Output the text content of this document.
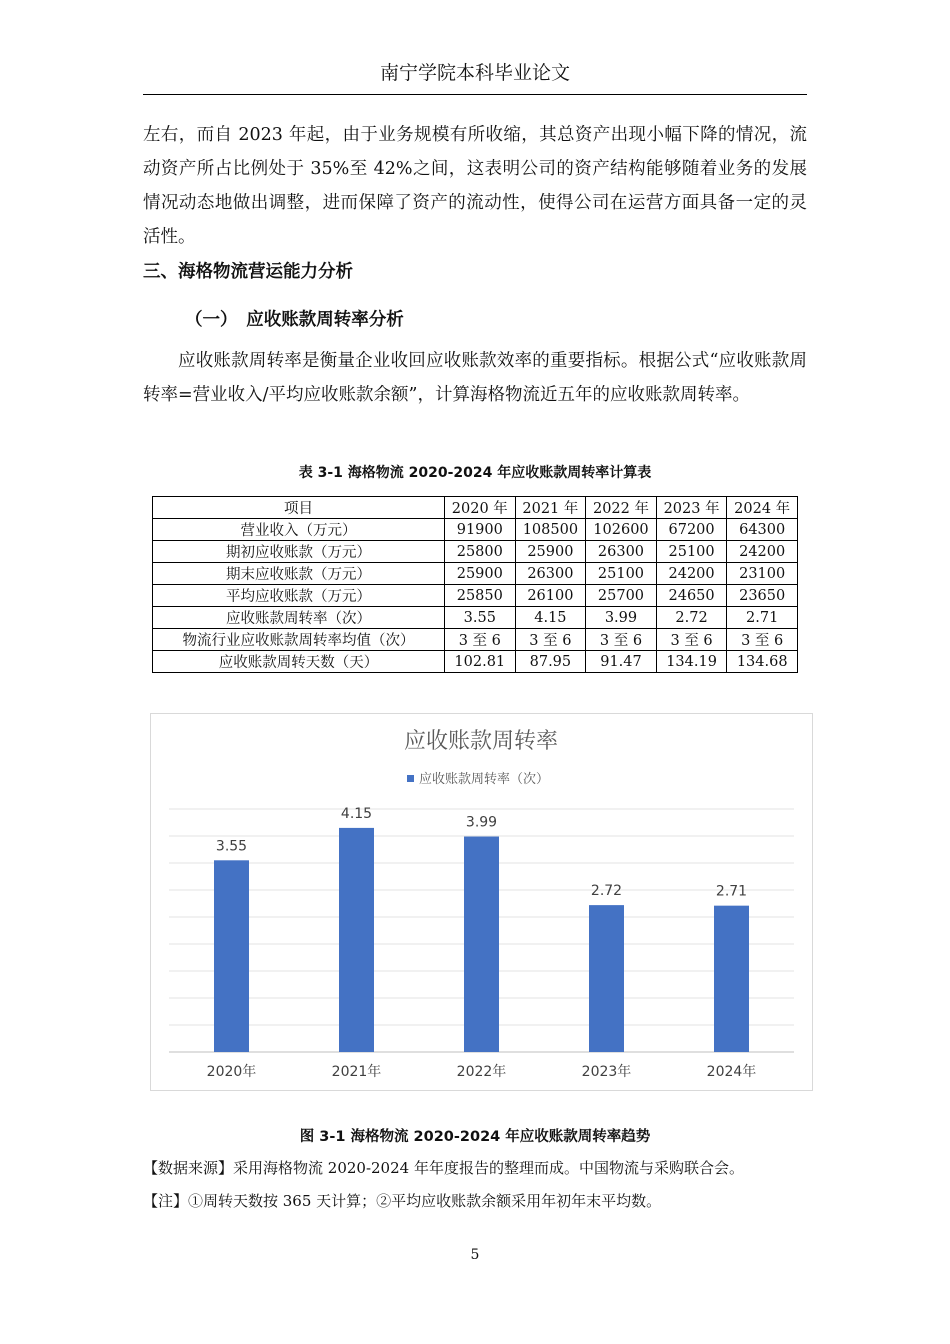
南宁学院本科毕业论文

左右，而自 2023 年起，由于业务规模有所收缩，其总资产出现小幅下降的情况，流动资产所占比例处于 35%至 42%之间，这表明公司的资产结构能够随着业务的发展情况动态地做出调整，进而保障了资产的流动性，使得公司在运营方面具备一定的灵活性。

三、海格物流营运能力分析
（一）　应收账款周转率分析

应收账款周转率是衡量企业收回应收账款效率的重要指标。根据公式“应收账款周转率=营业收入/平均应收账款余额”，计算海格物流近五年的应收账款周转率。

表 3-1 海格物流 2020-2024 年应收账款周转率计算表
项目	2020 年	2021 年	2022 年	2023 年	2024 年
营业收入（万元）	91900	108500	102600	67200	64300
期初应收账款（万元）	25800	25900	26300	25100	24200
期末应收账款（万元）	25900	26300	25100	24200	23100
平均应收账款（万元）	25850	26100	25700	24650	23650
应收账款周转率（次）	3.55	4.15	3.99	2.72	2.71
物流行业应收账款周转率均值（次）	3 至 6	3 至 6	3 至 6	3 至 6	3 至 6
应收账款周转天数（天）	102.81	87.95	91.47	134.19	134.68
应收账款周转率
应收账款周转率（次）
3.55
4.15
3.99
2.72	2.71
2020年	2021年	2022年	2023年	2024年
图 3-1 海格物流 2020-2024 年应收账款周转率趋势
【数据来源】采用海格物流 2020-2024 年年度报告的整理而成。中国物流与采购联合会。
【注】①周转天数按 365 天计算；②平均应收账款余额采用年初年末平均数。
5
